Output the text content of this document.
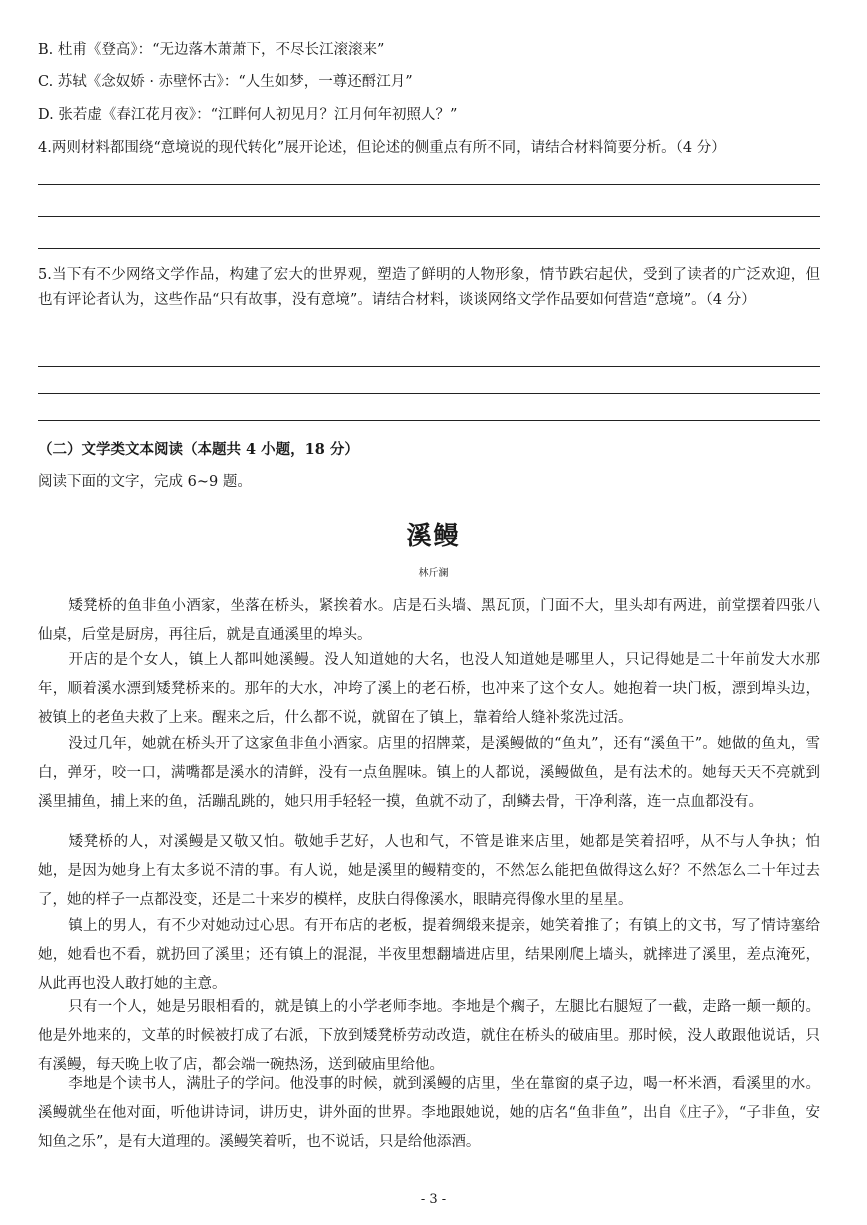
B. 杜甫《登高》：“无边落木萧萧下，不尽长江滚滚来”
C. 苏轼《念奴娇 · 赤壁怀古》：“人生如梦，一尊还酹江月”
D. 张若虚《春江花月夜》：“江畔何人初见月？江月何年初照人？”
4.两则材料都围绕“意境说的现代转化”展开论述，但论述的侧重点有所不同，请结合材料简要分析。（4 分）
5.当下有不少网络文学作品，构建了宏大的世界观，塑造了鲜明的人物形象，情节跌宕起伏，受到了读者的广泛欢迎，但也有评论者认为，这些作品“只有故事，没有意境”。请结合材料，谈谈网络文学作品要如何营造“意境”。（4 分）
（二）文学类文本阅读（本题共 4 小题，18 分）
阅读下面的文字，完成 6~9 题。
溪鳗
林斤澜
矮凳桥的鱼非鱼小酒家，坐落在桥头，紧挨着水。店是石头墙、黑瓦顶，门面不大，里头却有两进，前堂摆着四张八仙桌，后堂是厨房，再往后，就是直通溪里的埠头。
开店的是个女人，镇上人都叫她溪鳗。没人知道她的大名，也没人知道她是哪里人，只记得她是二十年前发大水那年，顺着溪水漂到矮凳桥来的。那年的大水，冲垮了溪上的老石桥，也冲来了这个女人。她抱着一块门板，漂到埠头边，被镇上的老鱼夫救了上来。醒来之后，什么都不说，就留在了镇上，靠着给人缝补浆洗过活。
没过几年，她就在桥头开了这家鱼非鱼小酒家。店里的招牌菜，是溪鳗做的“鱼丸”，还有“溪鱼干”。她做的鱼丸，雪白，弹牙，咬一口，满嘴都是溪水的清鲜，没有一点鱼腥味。镇上的人都说，溪鳗做鱼，是有法术的。她每天天不亮就到溪里捕鱼，捕上来的鱼，活蹦乱跳的，她只用手轻轻一摸，鱼就不动了，刮鳞去骨，干净利落，连一点血都没有。
矮凳桥的人，对溪鳗是又敬又怕。敬她手艺好，人也和气，不管是谁来店里，她都是笑着招呼，从不与人争执；怕她，是因为她身上有太多说不清的事。有人说，她是溪里的鳗精变的，不然怎么能把鱼做得这么好？不然怎么二十年过去了，她的样子一点都没变，还是二十来岁的模样，皮肤白得像溪水，眼睛亮得像水里的星星。
镇上的男人，有不少对她动过心思。有开布店的老板，提着绸缎来提亲，她笑着推了；有镇上的文书，写了情诗塞给她，她看也不看，就扔回了溪里；还有镇上的混混，半夜里想翻墙进店里，结果刚爬上墙头，就摔进了溪里，差点淹死，从此再也没人敢打她的主意。
只有一个人，她是另眼相看的，就是镇上的小学老师李地。李地是个瘸子，左腿比右腿短了一截，走路一颠一颠的。他是外地来的，文革的时候被打成了右派，下放到矮凳桥劳动改造，就住在桥头的破庙里。那时候，没人敢跟他说话，只有溪鳗，每天晚上收了店，都会端一碗热汤，送到破庙里给他。
李地是个读书人，满肚子的学问。他没事的时候，就到溪鳗的店里，坐在靠窗的桌子边，喝一杯米酒，看溪里的水。溪鳗就坐在他对面，听他讲诗词，讲历史，讲外面的世界。李地跟她说，她的店名“鱼非鱼”，出自《庄子》，“子非鱼，安知鱼之乐”，是有大道理的。溪鳗笑着听，也不说话，只是给他添酒。
- 3 -
